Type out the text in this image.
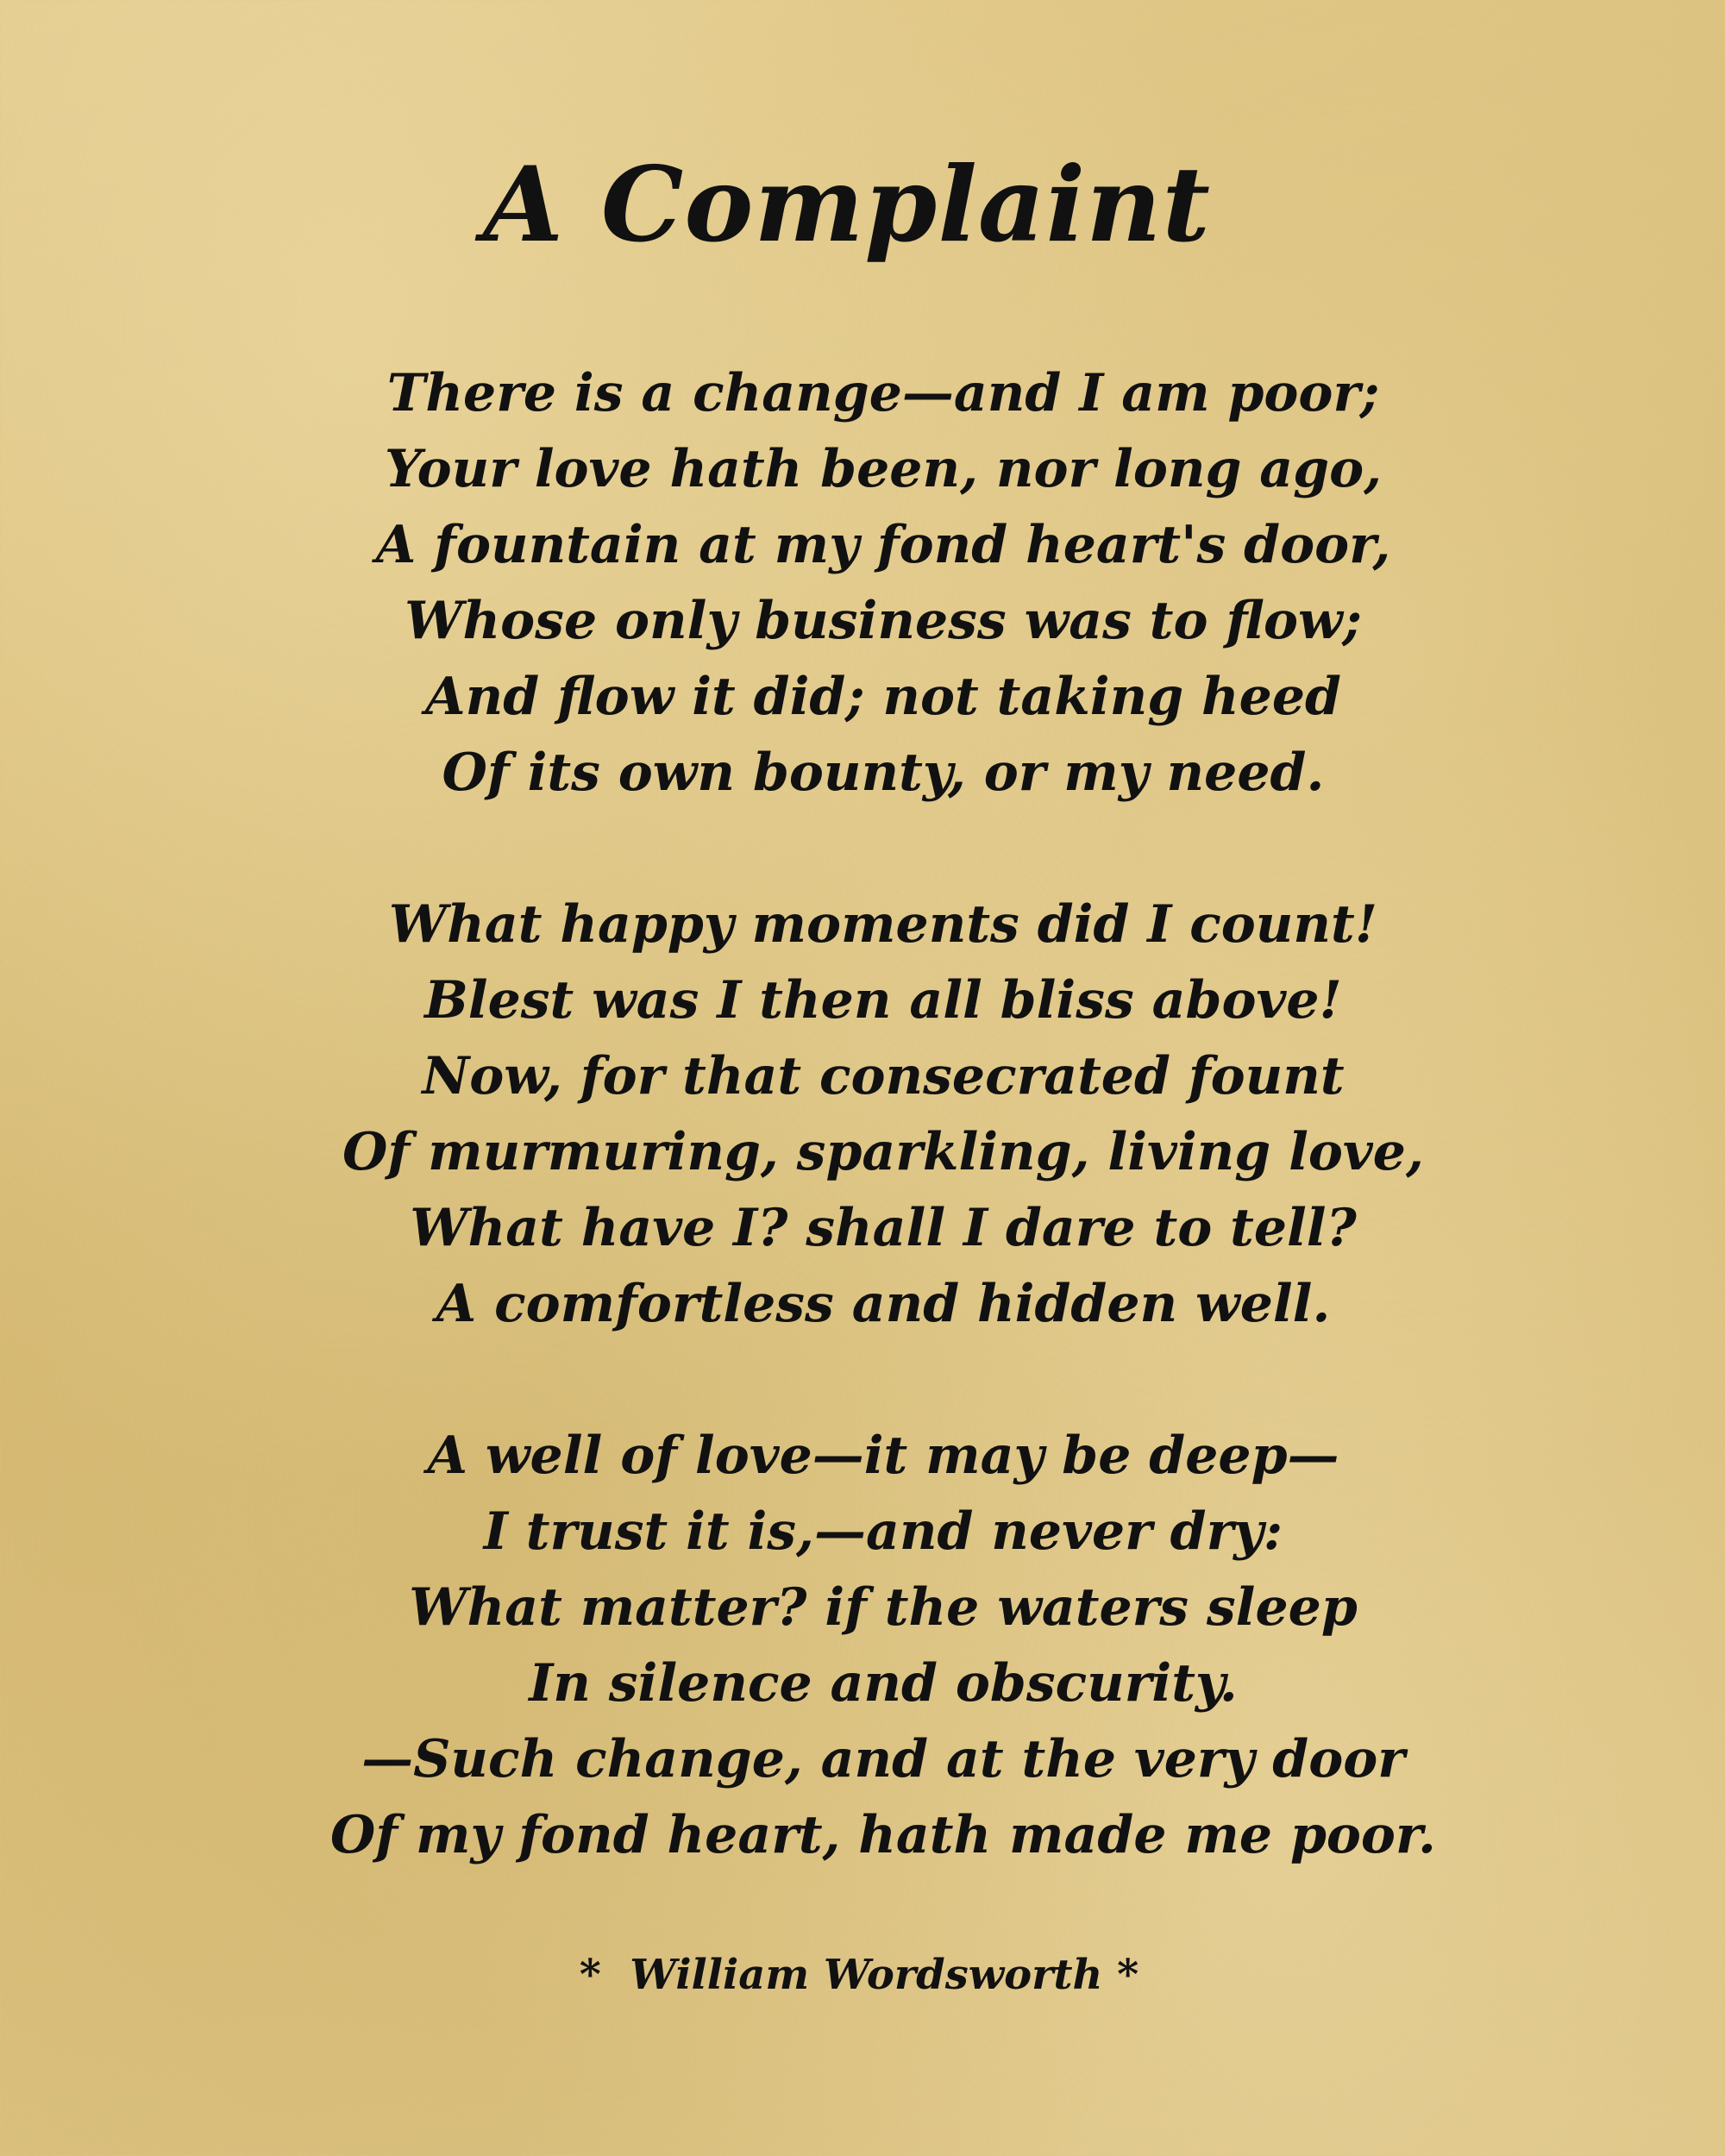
A Complaint
There is a change—and I am poor;
Your love hath been, nor long ago,
A fountain at my fond heart's door,
Whose only business was to flow;
And flow it did; not taking heed
Of its own bounty, or my need.
What happy moments did I count!
Blest was I then all bliss above!
Now, for that consecrated fount
Of murmuring, sparkling, living love,
What have I? shall I dare to tell?
A comfortless and hidden well.
A well of love—it may be deep—
I trust it is,—and never dry:
What matter? if the waters sleep
In silence and obscurity.
—Such change, and at the very door
Of my fond heart, hath made me poor.
*  William Wordsworth *
